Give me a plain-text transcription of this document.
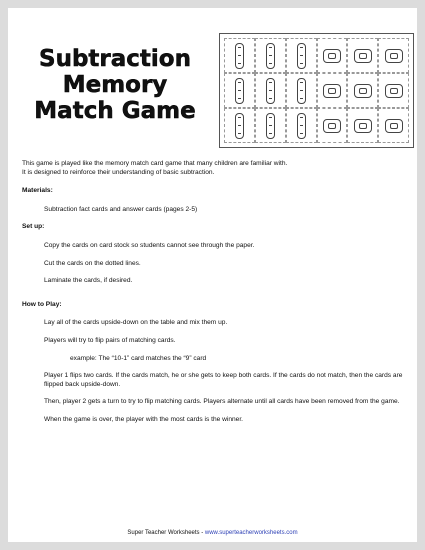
Subtraction
Memory
Match Game

This game is played like the memory match card game that many children are familiar with.
It is designed to reinforce their understanding of basic subtraction.

Materials:

Subtraction fact cards and answer cards (pages 2-5)

Set up:

Copy the cards on card stock so students cannot see through the paper.

Cut the cards on the dotted lines.

Laminate the cards, if desired.

How to Play:

Lay all of the cards upside-down on the table and mix them up.

Players will try to flip pairs of matching cards.

example: The “10-1” card matches the “9” card

Player 1 flips two cards. If the cards match, he or she gets to keep both cards. If the cards do not match, then the cards are flipped back upside-down.

Then, player 2 gets a turn to try to flip matching cards. Players alternate until all cards have been removed from the game.

When the game is over, the player with the most cards is the winner.

Super Teacher Worksheets - www.superteacherworksheets.com
